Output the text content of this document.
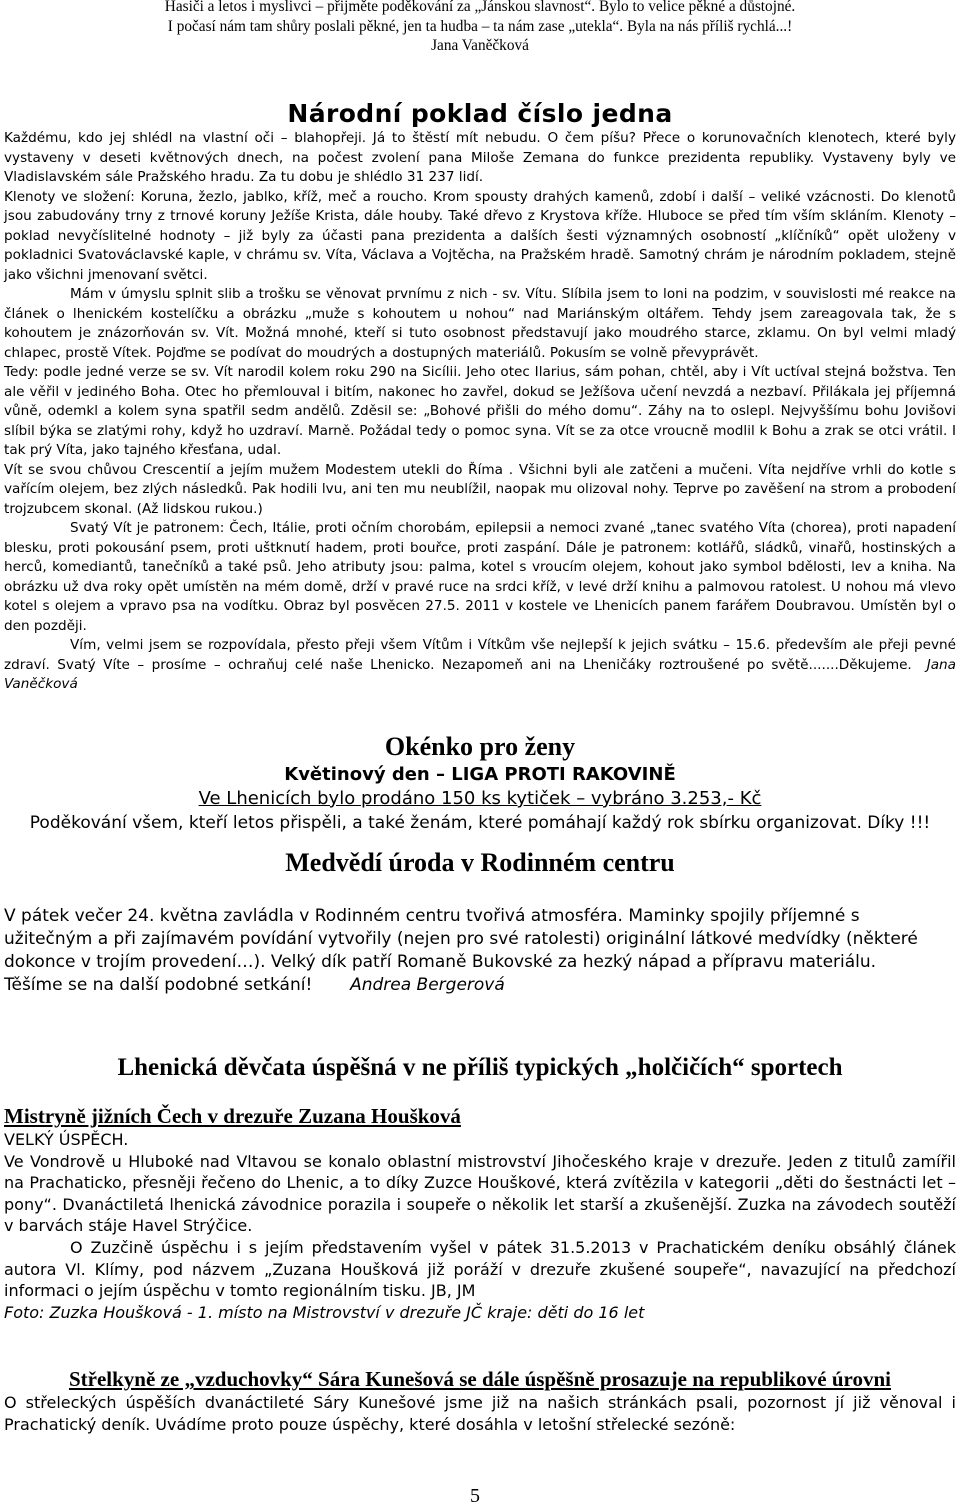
Hasiči a letos i myslivci – přijměte poděkování za „Jánskou slavnost“. Bylo to velice pěkné a důstojné.

I počasí nám tam shůry poslali pěkné, jen ta hudba – ta nám zase „utekla“. Byla na nás příliš rychlá...!

Jana Vaněčková

Národní poklad číslo jedna

Každému, kdo jej shlédl na vlastní oči – blahopřeji. Já to štěstí mít nebudu. O čem píšu? Přece o korunovačních klenotech, které byly vystaveny v deseti květnových dnech, na počest zvolení pana Miloše Zemana do funkce prezidenta republiky. Vystaveny byly ve Vladislavském sále Pražského hradu. Za tu dobu je shlédlo 31 237 lidí.

Klenoty ve složení: Koruna, žezlo, jablko, kříž, meč a roucho. Krom spousty drahých kamenů, zdobí i další – veliké vzácnosti. Do klenotů jsou zabudovány trny z trnové koruny Ježíše Krista, dále houby. Také dřevo z Krystova kříže. Hluboce se před tím vším skláním. Klenoty – poklad nevyčíslitelné hodnoty – již byly za účasti pana prezidenta a dalších šesti významných osobností „klíčníků“ opět uloženy v pokladnici Svatováclavské kaple, v chrámu sv. Víta, Václava a Vojtěcha, na Pražském hradě. Samotný chrám je národním pokladem, stejně jako všichni jmenovaní světci.

Mám v úmyslu splnit slib a trošku se věnovat prvnímu z nich - sv. Vítu. Slíbila jsem to loni na podzim, v souvislosti mé reakce na článek o lhenickém kostelíčku a obrázku „muže s kohoutem u nohou“ nad Mariánským oltářem. Tehdy jsem zareagovala tak, že s kohoutem je znázorňován sv. Vít. Možná mnohé, kteří si tuto osobnost představují jako moudrého starce, zklamu. On byl velmi mladý chlapec, prostě Vítek. Pojďme se podívat do moudrých a dostupných materiálů. Pokusím se volně převyprávět.

Tedy: podle jedné verze se sv. Vít narodil kolem roku 290 na Sicílii. Jeho otec Ilarius, sám pohan, chtěl, aby i Vít uctíval stejná božstva. Ten ale věřil v jediného Boha. Otec ho přemlouval i bitím, nakonec ho zavřel, dokud se Ježíšova učení nevzdá a nezbaví. Přilákala jej příjemná vůně, odemkl a kolem syna spatřil sedm andělů. Zděsil se: „Bohové přišli do mého domu“. Záhy na to oslepl. Nejvyššímu bohu Jovišovi slíbil býka se zlatými rohy, když ho uzdraví. Marně. Požádal tedy o pomoc syna. Vít se za otce vroucně modlil k Bohu a zrak se otci vrátil. I tak prý Víta, jako tajného křesťana, udal.

Vít se svou chůvou Crescentií a jejím mužem Modestem utekli do Říma . Všichni byli ale zatčeni a mučeni. Víta nejdříve vrhli do kotle s vařícím olejem, bez zlých následků. Pak hodili lvu, ani ten mu neublížil, naopak mu olizoval nohy. Teprve po zavěšení na strom a probodení trojzubcem skonal. (Až lidskou rukou.)

Svatý Vít je patronem: Čech, Itálie, proti očním chorobám, epilepsii a nemoci zvané „tanec svatého Víta (chorea), proti napadení blesku, proti pokousání psem, proti uštknutí hadem, proti bouřce, proti zaspání. Dále je patronem: kotlářů, sládků, vinařů, hostinských a herců, komediantů, tanečníků a také psů. Jeho atributy jsou: palma, kotel s vroucím olejem, kohout jako symbol bdělosti, lev a kniha. Na obrázku už dva roky opět umístěn na mém domě, drží v pravé ruce na srdci kříž, v levé drží knihu a palmovou ratolest. U nohou má vlevo kotel s olejem a vpravo psa na vodítku. Obraz byl posvěcen 27.5. 2011 v kostele ve Lhenicích panem farářem Doubravou. Umístěn byl o den později.

Vím, velmi jsem se rozpovídala, přesto přeji všem Vítům i Vítkům vše nejlepší k jejich svátku – 15.6. především ale přeji pevné zdraví. Svatý Víte – prosíme – ochraňuj celé naše Lhenicko. Nezapomeň ani na Lheničáky roztroušené po světě.......Děkujeme. Jana Vaněčková

Okénko pro ženy
Květinový den – LIGA PROTI RAKOVINĚ
Ve Lhenicích bylo prodáno 150 ks kytiček – vybráno 3.253,- Kč
Poděkování všem, kteří letos přispěli, a také ženám, které pomáhají každý rok sbírku organizovat. Díky !!!
Medvědí úroda v Rodinném centru

V pátek večer 24. května zavládla v Rodinném centru tvořivá atmosféra. Maminky spojily příjemné s užitečným a při zajímavém povídání vytvořily (nejen pro své ratolesti) originální látkové medvídky (některé dokonce v trojím provedení…). Velký dík patří Romaně Bukovské za hezký nápad a přípravu materiálu. Těšíme se na další podobné setkání! Andrea Bergerová

Lhenická děvčata úspěšná v ne příliš typických „holčičích“ sportech
Mistryně jižních Čech v drezuře Zuzana Houšková

VELKÝ ÚSPĚCH.

Ve Vondrově u Hluboké nad Vltavou se konalo oblastní mistrovství Jihočeského kraje v drezuře. Jeden z titulů zamířil na Prachaticko, přesněji řečeno do Lhenic, a to díky Zuzce Houškové, která zvítězila v kategorii „děti do šestnácti let – pony“. Dvanáctiletá lhenická závodnice porazila i soupeře o několik let starší a zkušenější. Zuzka na závodech soutěží v barvách stáje Havel Strýčice.

O Zuzčině úspěchu i s jejím představením vyšel v pátek 31.5.2013 v Prachatickém deníku obsáhlý článek autora Vl. Klímy, pod názvem „Zuzana Houšková již poráží v drezuře zkušené soupeře“, navazující na předchozí informaci o jejím úspěchu v tomto regionálním tisku. JB, JM

Foto: Zuzka Houšková - 1. místo na Mistrovství v drezuře JČ kraje: děti do 16 let

Střelkyně ze „vzduchovky“ Sára Kunešová se dále úspěšně prosazuje na republikové úrovni

O střeleckých úspěších dvanáctileté Sáry Kunešové jsme již na našich stránkách psali, pozornost jí již věnoval i Prachatický deník. Uvádíme proto pouze úspěchy, které dosáhla v letošní střelecké sezóně:

5
